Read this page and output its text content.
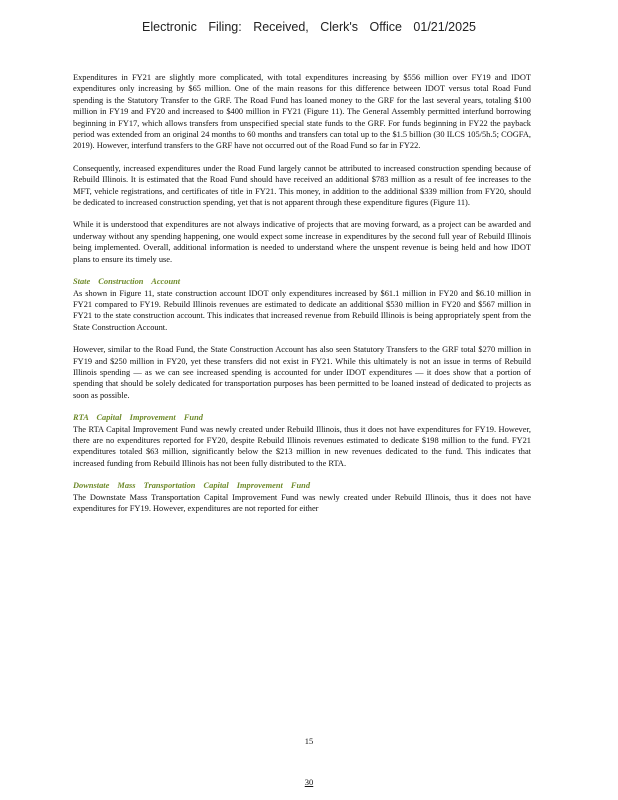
Electronic Filing: Received, Clerk's Office 01/21/2025

Expenditures in FY21 are slightly more complicated, with total expenditures increasing by $556 million over FY19 and IDOT expenditures only increasing by $65 million. One of the main reasons for this difference between IDOT versus total Road Fund spending is the Statutory Transfer to the GRF. The Road Fund has loaned money to the GRF for the last several years, totaling $100 million in FY19 and FY20 and increased to $400 million in FY21 (Figure 11). The General Assembly permitted interfund borrowing beginning in FY17, which allows transfers from unspecified special state funds to the GRF. For funds beginning in FY22 the payback period was extended from an original 24 months to 60 months and transfers can total up to the $1.5 billion (30 ILCS 105/5h.5; COGFA, 2019). However, interfund transfers to the GRF have not occurred out of the Road Fund so far in FY22.

Consequently, increased expenditures under the Road Fund largely cannot be attributed to increased construction spending because of Rebuild Illinois. It is estimated that the Road Fund should have received an additional $783 million as a result of fee increases to the MFT, vehicle registrations, and certificates of title in FY21. This money, in addition to the additional $339 million from FY20, should be dedicated to increased construction spending, yet that is not apparent through these expenditure figures (Figure 11).

While it is understood that expenditures are not always indicative of projects that are moving forward, as a project can be awarded and underway without any spending happening, one would expect some increase in expenditures by the second full year of Rebuild Illinois being implemented. Overall, additional information is needed to understand where the unspent revenue is being held and how IDOT plans to ensure its timely use.

State Construction Account

As shown in Figure 11, state construction account IDOT only expenditures increased by $61.1 million in FY20 and $6.10 million in FY21 compared to FY19. Rebuild Illinois revenues are estimated to dedicate an additional $530 million in FY20 and $567 million in FY21 to the state construction account. This indicates that increased revenue from Rebuild Illinois is being appropriately spent from the State Construction Account.

However, similar to the Road Fund, the State Construction Account has also seen Statutory Transfers to the GRF total $270 million in FY19 and $250 million in FY20, yet these transfers did not exist in FY21. While this ultimately is not an issue in terms of Rebuild Illinois spending — as we can see increased spending is accounted for under IDOT expenditures — it does show that a portion of spending that should be solely dedicated for transportation purposes has been permitted to be loaned instead of dedicated to projects as soon as possible.

RTA Capital Improvement Fund

The RTA Capital Improvement Fund was newly created under Rebuild Illinois, thus it does not have expenditures for FY19. However, there are no expenditures reported for FY20, despite Rebuild Illinois revenues estimated to dedicate $198 million to the fund. FY21 expenditures totaled $63 million, significantly below the $213 million in new revenues dedicated to the fund. This indicates that increased funding from Rebuild Illinois has not been fully distributed to the RTA.

Downstate Mass Transportation Capital Improvement Fund

The Downstate Mass Transportation Capital Improvement Fund was newly created under Rebuild Illinois, thus it does not have expenditures for FY19. However, expenditures are not reported for either

15
30
